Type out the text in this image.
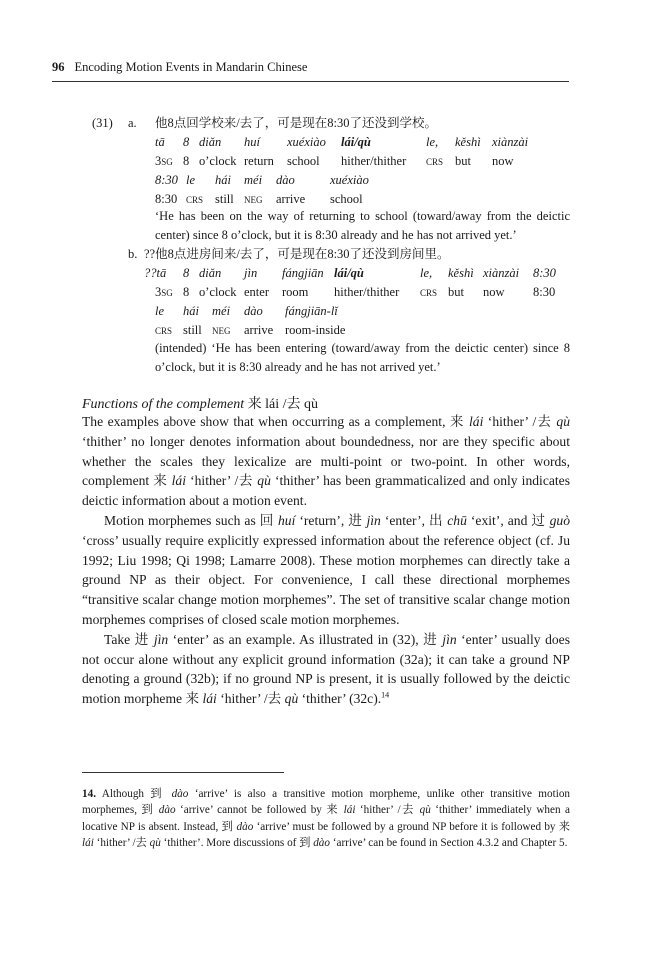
96 Encoding Motion Events in Mandarin Chinese
(31) a. 他8点回学校来/去了，可是现在8:30了还没到学校。
tā 8 diǎn huí xuéxiào lái/qù	le, kěshì xiànzài
3sg 8 o’clock return school hither/thither crs but now
8:30 le hái méi dào	xuéxiào
8:30 crs still neg arrive school
‘He has been on the way of returning to school (toward/away from the deictic center) since 8 o’clock, but it is 8:30 already and he has not arrived yet.’
b. ??他8点进房间来/去了，可是现在8:30了还没到房间里。
??tā 8 diǎn jìn fángjiān lái/qù	le, kěshì xiànzài 8:30
3sg 8 o’clock enter room hither/thither crs but now 8:30
le hái méi dào fángjiān-lǐ
crs still neg arrive room-inside
(intended) ‘He has been entering (toward/away from the deictic center) since 8 o’clock, but it is 8:30 already and he has not arrived yet.’
Functions of the complement 来 lái /去 qù

The examples above show that when occurring as a complement, 来 lái ‘hither’ /去 qù ‘thither’ no longer denotes information about boundedness, nor are they specific about whether the scales they lexicalize are multi-point or two-point. In other words, complement 来 lái ‘hither’ /去 qù ‘thither’ has been grammaticalized and only indicates deictic information about a motion event.

Motion morphemes such as 回 huí ‘return’, 进 jìn ‘enter’, 出 chū ‘exit’, and 过 guò ‘cross’ usually require explicitly expressed information about the reference object (cf. Ju 1992; Liu 1998; Qi 1998; Lamarre 2008). These motion morphemes can directly take a ground NP as their object. For convenience, I call these directional morphemes “transitive scalar change motion morphemes”. The set of transitive scalar change motion morphemes comprises of closed scale motion morphemes.

Take 进 jìn ‘enter’ as an example. As illustrated in (32), 进 jìn ‘enter’ usually does not occur alone without any explicit ground information (32a); it can take a ground NP denoting a ground (32b); if no ground NP is present, it is usually followed by the deictic motion morpheme 来 lái ‘hither’ /去 qù ‘thither’ (32c).$^{14}$

14. Although 到 dào ‘arrive’ is also a transitive motion morpheme, unlike other transitive motion morphemes, 到 dào ‘arrive’ cannot be followed by 来 lái ‘hither’ /去 qù ‘thither’ immediately when a locative NP is absent. Instead, 到 dào ‘arrive’ must be followed by a ground NP before it is followed by 来 lái ‘hither’ /去 qù ‘thither’. More discussions of 到 dào ‘arrive’ can be found in Section 4.3.2 and Chapter 5.
